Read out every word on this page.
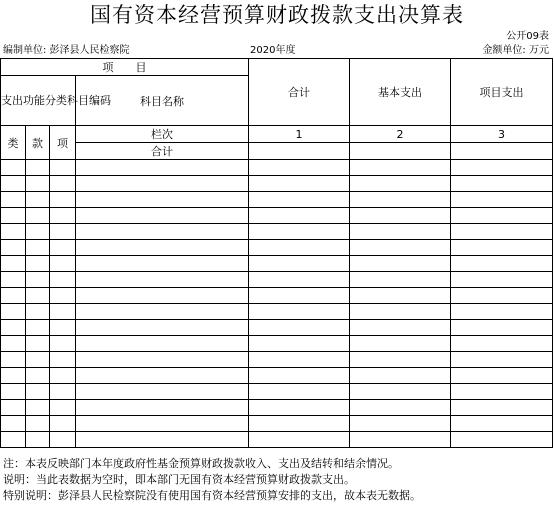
国有资本经营预算财政拨款支出决算表
公开09表
编制单位: 彭泽县人民检察院	2020年度	金额单位: 万元
项　　目				合计	基本支出	项目支出
支出功能分类科目编码			科目名称			
类	款	项	栏次	1	2	3
			合计			

注：本表反映部门本年度政府性基金预算财政拨款收入、支出及结转和结余情况。
说明：当此表数据为空时，即本部门无国有资本经营预算财政拨款支出。
特别说明：彭泽县人民检察院没有使用国有资本经营预算安排的支出，故本表无数据。
